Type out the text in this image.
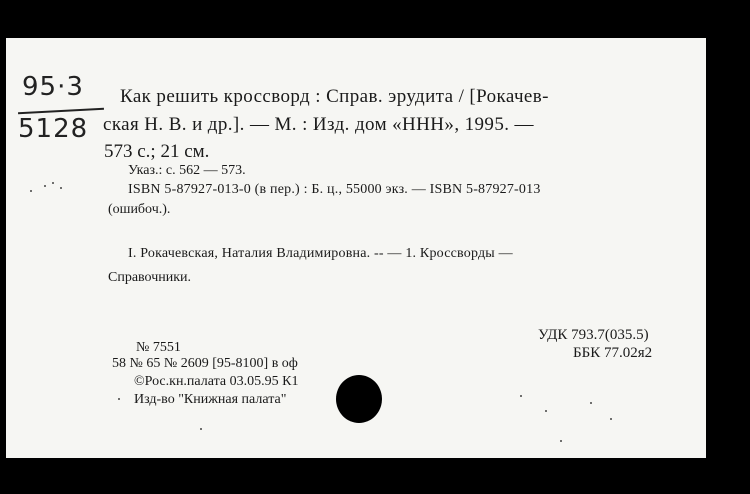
95·3
5128
Как решить кроссворд : Справ. эрудита / [Рокачев-
ская Н. В. и др.]. — М. : Изд. дом «ННН», 1995. —
573 с.; 21 см.
Указ.: с. 562 — 573.
ISBN 5-87927-013-0 (в пер.) : Б. ц., 55000 экз. — ISBN 5-87927-013
(ошибоч.).
I. Рокачевская, Наталия Владимировна. -- — 1. Кроссворды —
Справочники.
УДК 793.7(035.5)
ББК 77.02я2
№ 7551
58 № 65 № 2609 [95-8100] в оф
©Рос.кн.палата 03.05.95 К1
Изд-во "Книжная палата"
